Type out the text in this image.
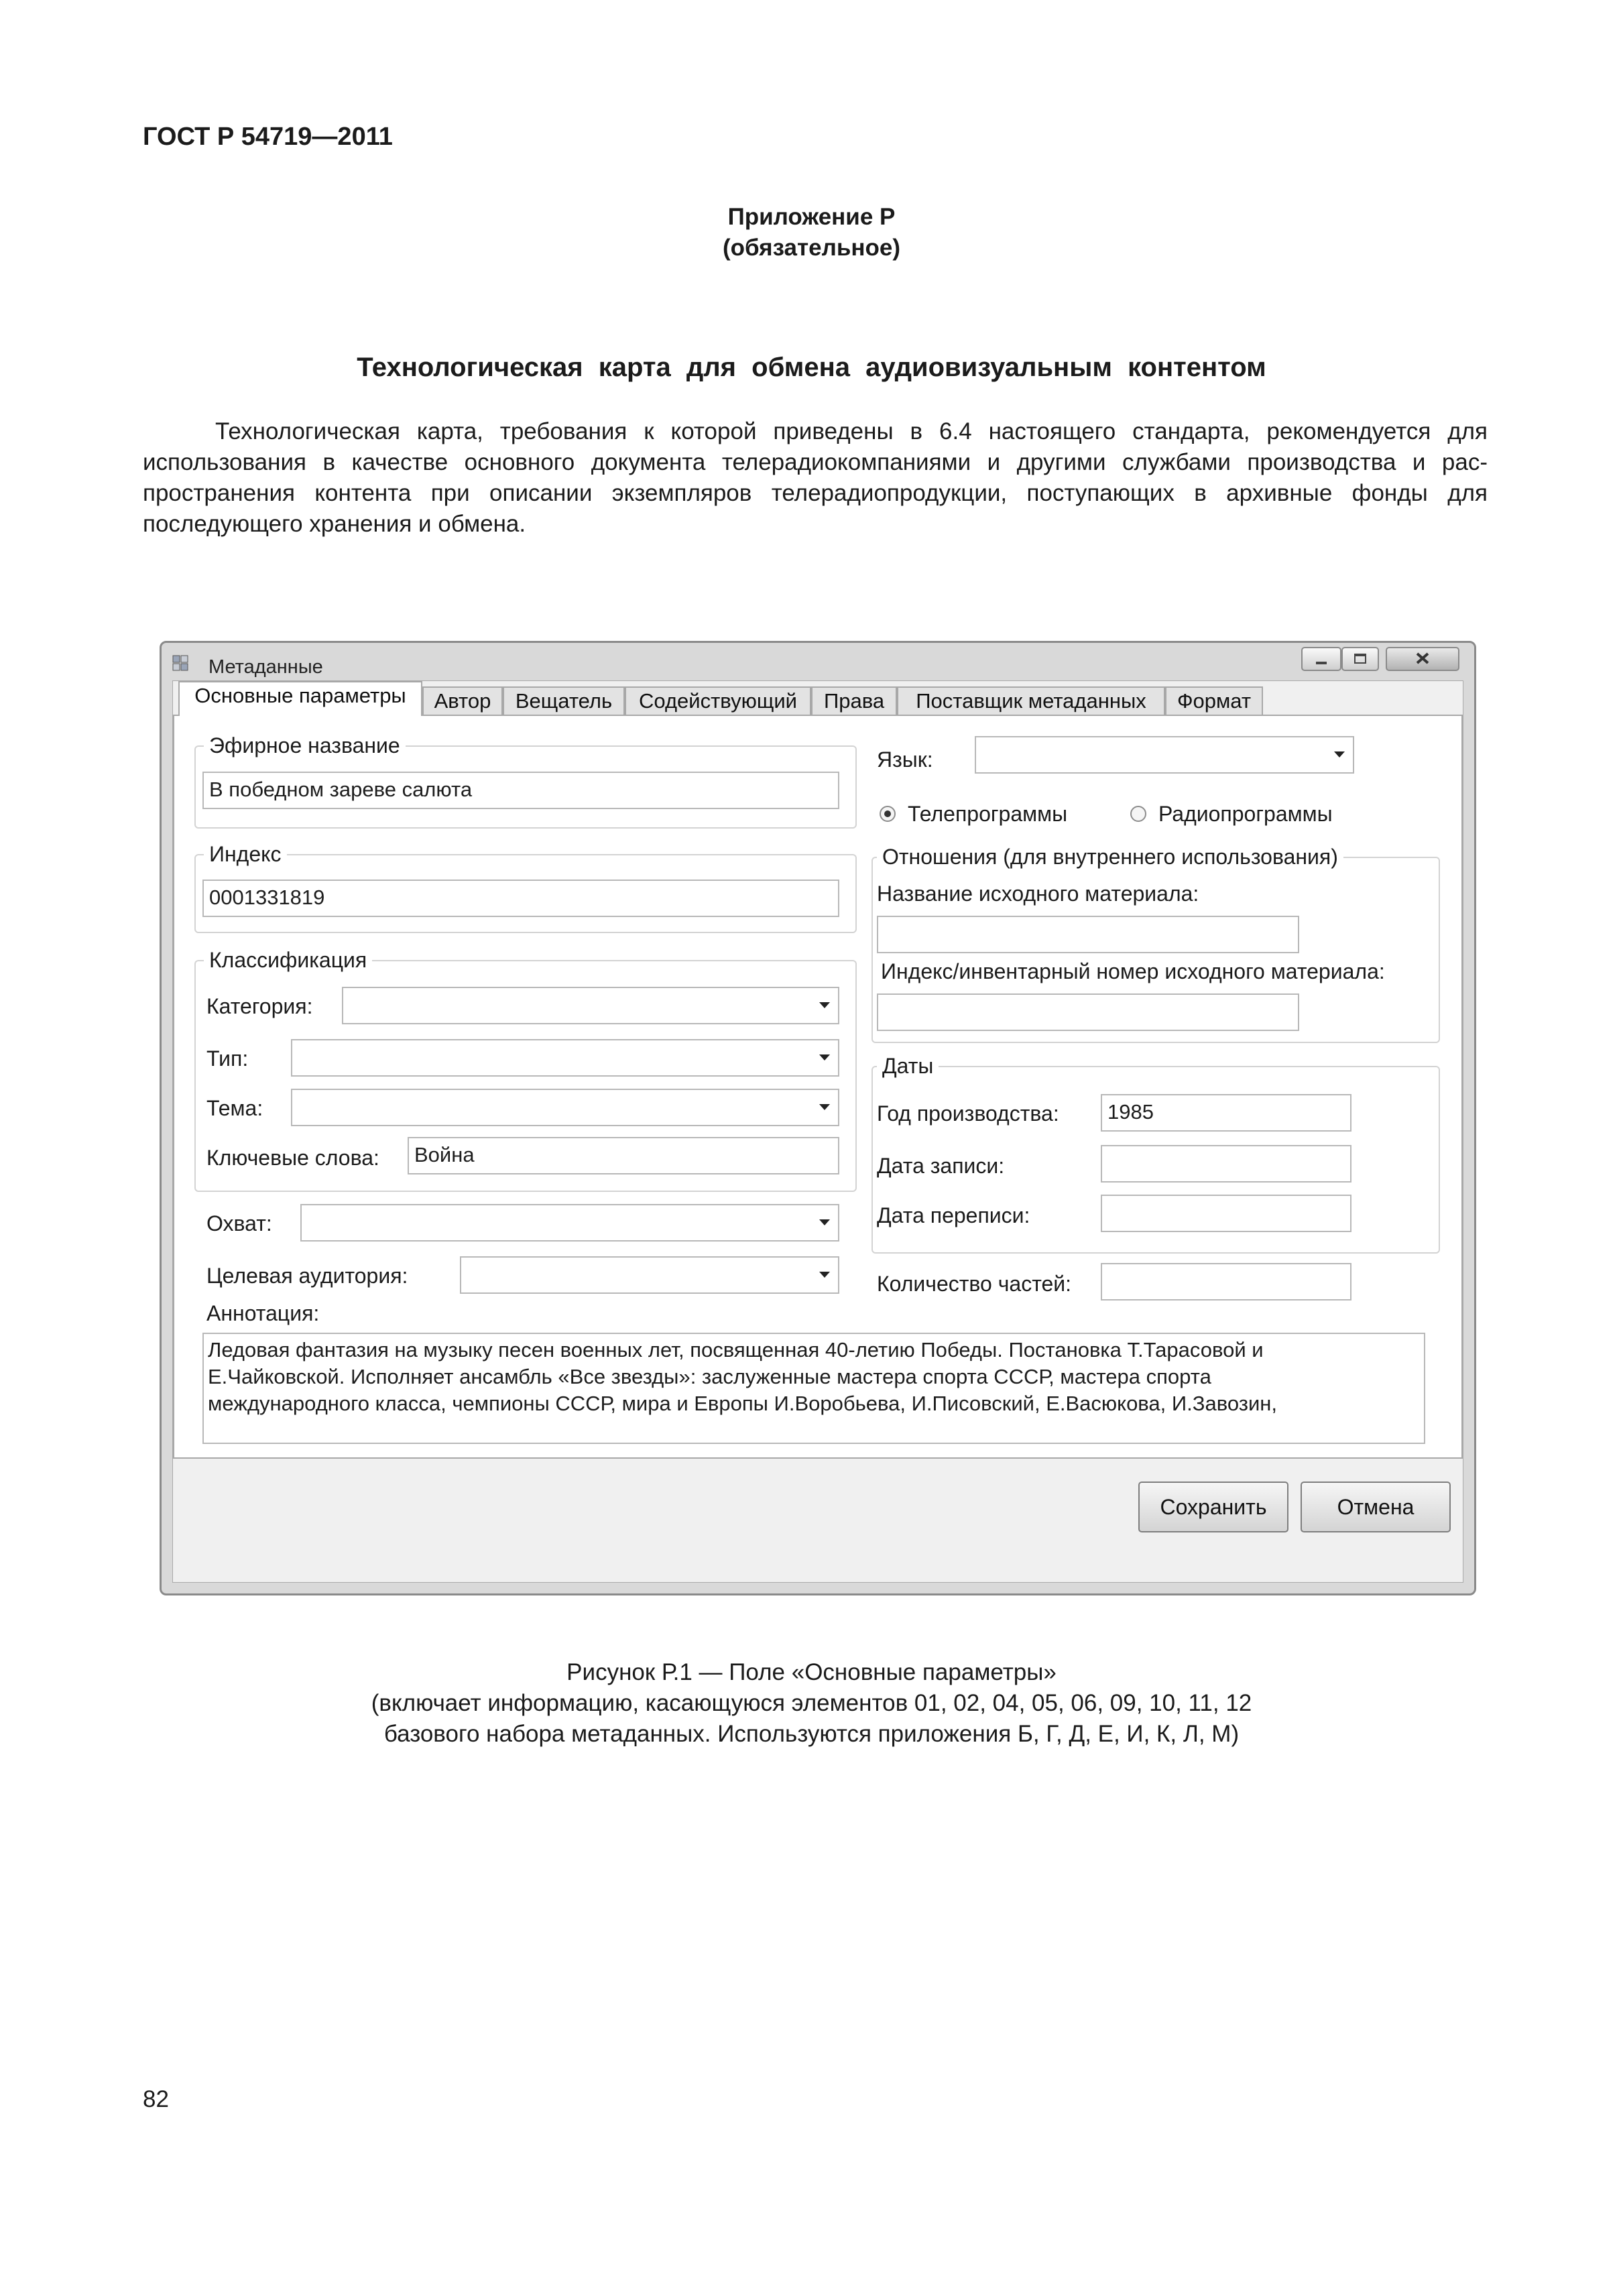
ГОСТ Р 54719—2011
Приложение Р
(обязательное)
Технологическая карта для обмена аудиовизуальным контентом
Технологическая карта, требования к которой приведены в 6.4 настоящего стандарта, рекомендуется для
использования в качестве основного документа телерадиокомпаниями и другими службами производства и рас-
пространения контента при описании экземпляров телерадиопродукции, поступающих в архивные фонды для
последующего хранения и обмена.
Метаданные
Основные параметры	Автор	Вещатель	Содействующий	Права	Поставщик метаданных	Формат
Эфирное название
В победном зареве салюта
Индекс
0001331819
Классификация
Категория:
Тип:
Тема:
Ключевые слова:	Война
Охват:
Целевая аудитория:
Аннотация:
Ледовая фантазия на музыку песен военных лет, посвященная 40-летию Победы. Постановка Т.Тарасовой и
Е.Чайковской. Исполняет ансамбль «Все звезды»: заслуженные мастера спорта СССР, мастера спорта
международного класса, чемпионы СССР, мира и Европы И.Воробьева, И.Писовский, Е.Васюкова, И.Завозин,
Язык:
Телепрограммы	Радиопрограммы
Отношения (для внутреннего использования)
Название исходного материала:
Индекс/инвентарный номер исходного материала:
Даты
Год производства:	1985
Дата записи:
Дата переписи:
Количество частей:
Сохранить	Отмена
Рисунок Р.1 — Поле «Основные параметры»
(включает информацию, касающуюся элементов 01, 02, 04, 05, 06, 09, 10, 11, 12
базового набора метаданных. Используются приложения Б, Г, Д, Е, И, К, Л, М)
82
